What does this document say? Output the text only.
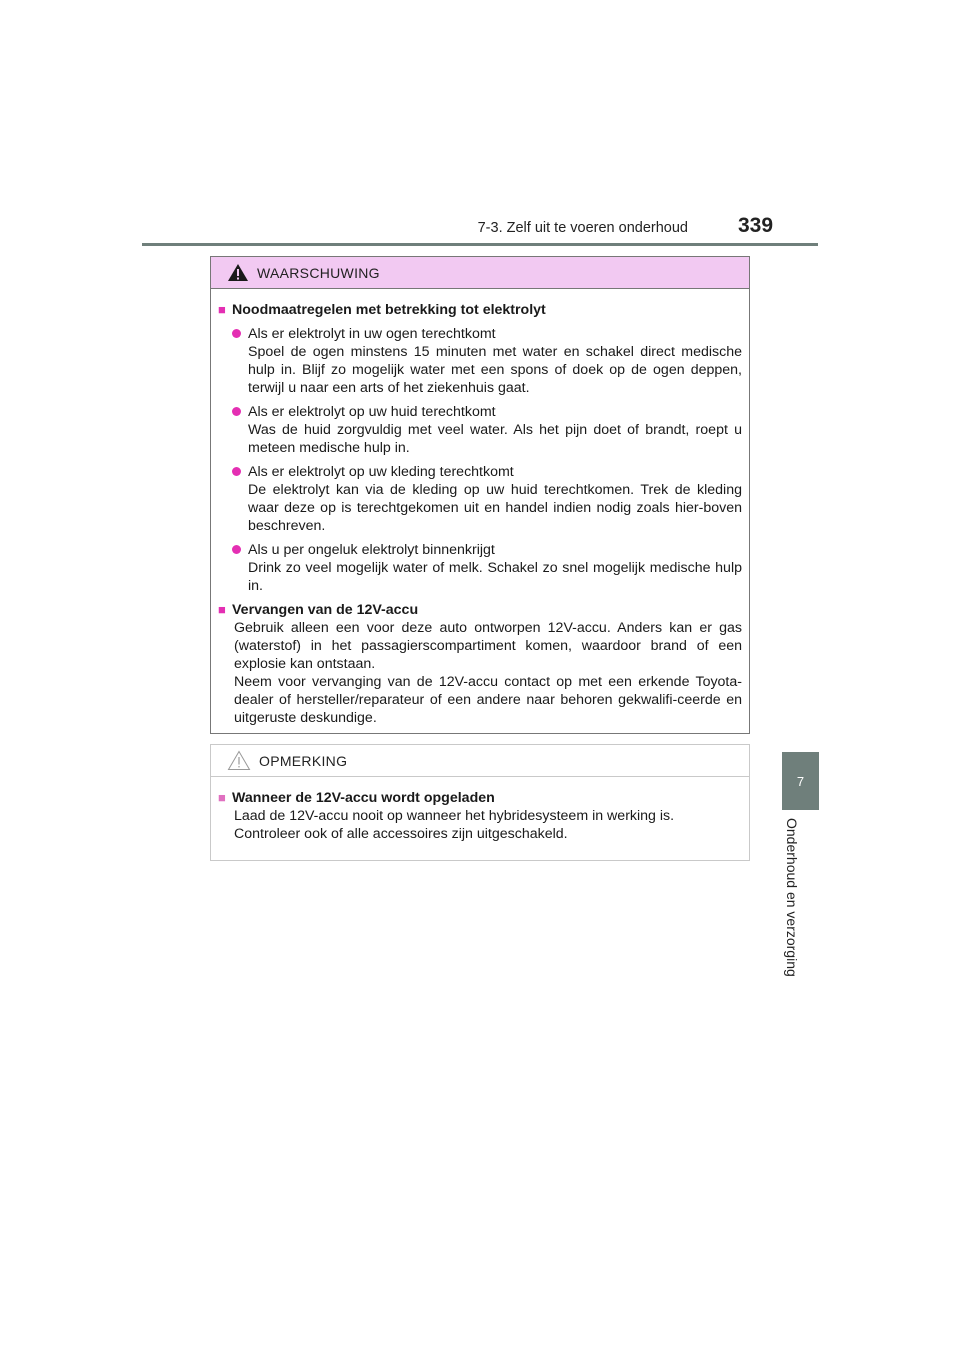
7-3. Zelf uit te voeren onderhoud 339
7
Onderhoud en verzorging
WAARSCHUWING
■ Noodmaatregelen met betrekking tot elektrolyt
Als er elektrolyt in uw ogen terechtkomt
Spoel de ogen minstens 15 minuten met water en schakel direct medische hulp in. Blijf zo mogelijk water met een spons of doek op de ogen deppen, terwijl u naar een arts of het ziekenhuis gaat.
Als er elektrolyt op uw huid terechtkomt
Was de huid zorgvuldig met veel water. Als het pijn doet of brandt, roept u meteen medische hulp in.
Als er elektrolyt op uw kleding terechtkomt
De elektrolyt kan via de kleding op uw huid terechtkomen. Trek de kleding waar deze op is terechtgekomen uit en handel indien nodig zoals hier-boven beschreven.
Als u per ongeluk elektrolyt binnenkrijgt
Drink zo veel mogelijk water of melk. Schakel zo snel mogelijk medische hulp in.
■ Vervangen van de 12V-accu
Gebruik alleen een voor deze auto ontworpen 12V-accu. Anders kan er gas (waterstof) in het passagierscompartiment komen, waardoor brand of een explosie kan ontstaan.
Neem voor vervanging van de 12V-accu contact op met een erkende Toyota-dealer of hersteller/reparateur of een andere naar behoren gekwalifi-ceerde en uitgeruste deskundige.
OPMERKING
■ Wanneer de 12V-accu wordt opgeladen
Laad de 12V-accu nooit op wanneer het hybridesysteem in werking is.
Controleer ook of alle accessoires zijn uitgeschakeld.
